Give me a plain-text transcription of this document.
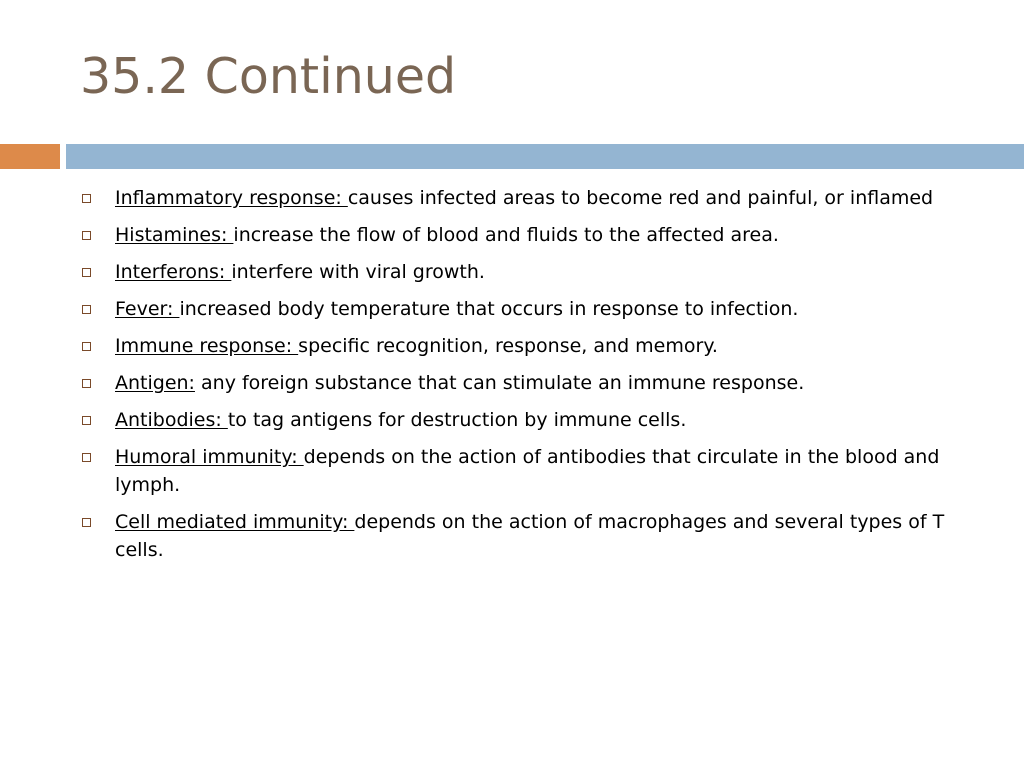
35.2 Continued
Inflammatory response: causes infected areas to become red and painful, or inflamed
Histamines: increase the flow of blood and fluids to the affected area.
Interferons: interfere with viral growth.
Fever: increased body temperature that occurs in response to infection.
Immune response: specific recognition, response, and memory.
Antigen: any foreign substance that can stimulate an immune response.
Antibodies: to tag antigens for destruction by immune cells.
Humoral immunity: depends on the action of antibodies that circulate in the blood and lymph.
Cell mediated immunity: depends on the action of macrophages and several types of T cells.
